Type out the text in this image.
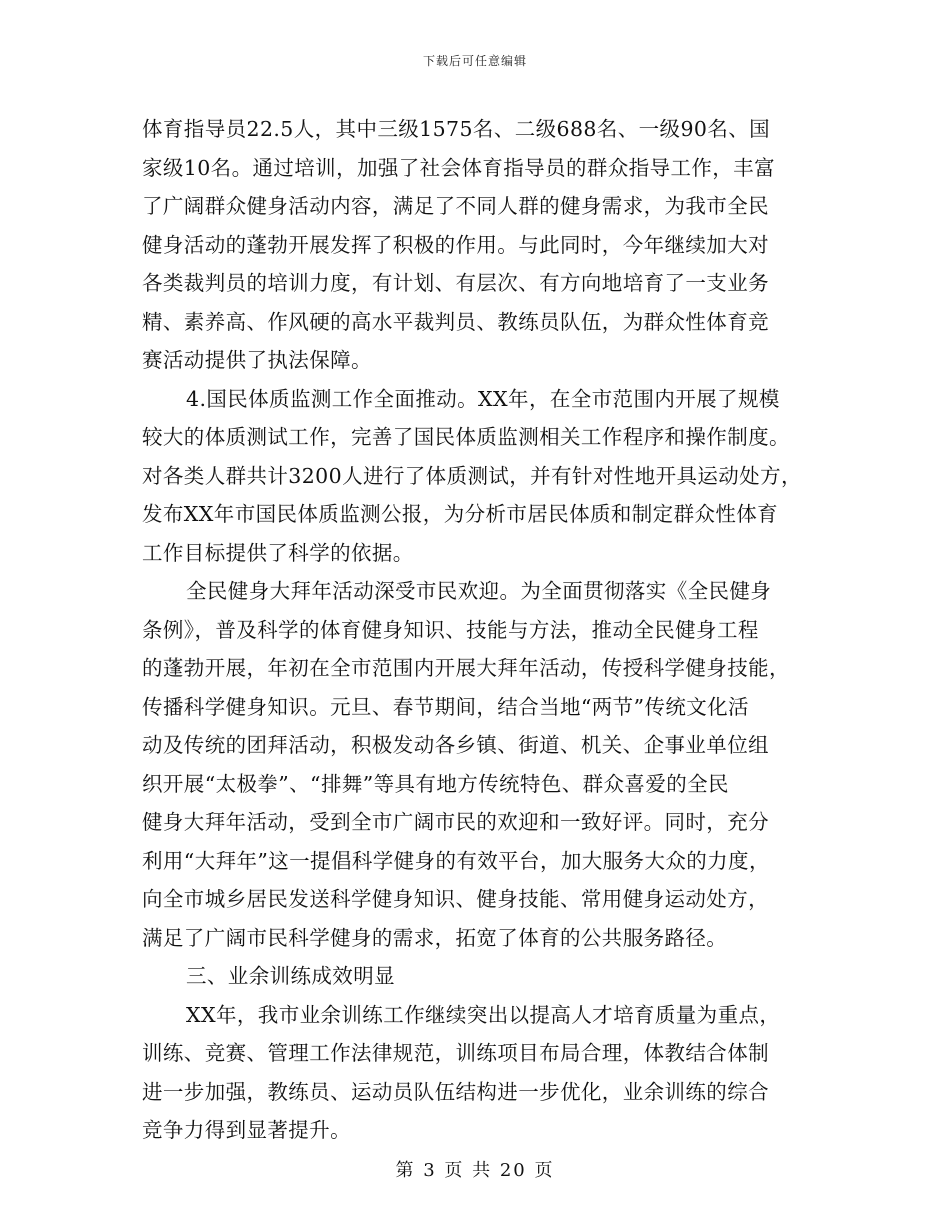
下载后可任意编辑
体育指导员22.5人，其中三级1575名、二级688名、一级90名、国
家级10名。通过培训，加强了社会体育指导员的群众指导工作，丰富
了广阔群众健身活动内容，满足了不同人群的健身需求，为我市全民
健身活动的蓬勃开展发挥了积极的作用。与此同时，今年继续加大对
各类裁判员的培训力度，有计划、有层次、有方向地培育了一支业务
精、素养高、作风硬的高水平裁判员、教练员队伍，为群众性体育竞
赛活动提供了执法保障。
4.国民体质监测工作全面推动。XX年，在全市范围内开展了规模
较大的体质测试工作，完善了国民体质监测相关工作程序和操作制度。
对各类人群共计3200人进行了体质测试，并有针对性地开具运动处方，
发布XX年市国民体质监测公报，为分析市居民体质和制定群众性体育
工作目标提供了科学的依据。
全民健身大拜年活动深受市民欢迎。为全面贯彻落实《全民健身
条例》，普及科学的体育健身知识、技能与方法，推动全民健身工程
的蓬勃开展，年初在全市范围内开展大拜年活动，传授科学健身技能，
传播科学健身知识。元旦、春节期间，结合当地“两节”传统文化活
动及传统的团拜活动，积极发动各乡镇、街道、机关、企事业单位组
织开展“太极拳”、“排舞”等具有地方传统特色、群众喜爱的全民
健身大拜年活动，受到全市广阔市民的欢迎和一致好评。同时，充分
利用“大拜年”这一提倡科学健身的有效平台，加大服务大众的力度，
向全市城乡居民发送科学健身知识、健身技能、常用健身运动处方，
满足了广阔市民科学健身的需求，拓宽了体育的公共服务路径。
三、业余训练成效明显
XX年，我市业余训练工作继续突出以提高人才培育质量为重点，
训练、竞赛、管理工作法律规范，训练项目布局合理，体教结合体制
进一步加强，教练员、运动员队伍结构进一步优化，业余训练的综合
竞争力得到显著提升。
第 3 页 共 20 页
